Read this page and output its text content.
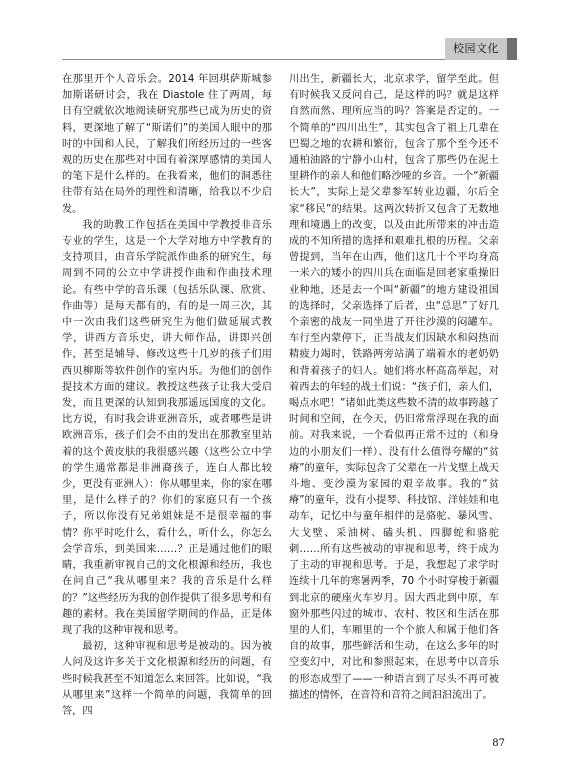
校园文化

在那里开个人音乐会。2014 年回琪萨斯城参加斯诺研讨会，我在 Diastole 住了两周，每日有空就依次地阅读研究那些已成为历史的资料，更深地了解了“斯诺们”的美国人眼中的那时的中国和人民，了解我们所经历过的一些客观的历史在那些对中国有着深厚感情的美国人的笔下是什么样的。在我看来，他们的洞悉往往带有站在局外的理性和清晰，给我以不少启发。

我的助教工作包括在美国中学教授非音乐专业的学生，这是一个大学对地方中学教育的支持项目，由音乐学院派作曲系的研究生，每周到不同的公立中学讲授作曲和作曲技术理论。有些中学的音乐课（包括乐队课、欣赏、作曲等）是每天都有的，有的是一周三次，其中一次由我们这些研究生为他们做延展式教学，讲西方音乐史，讲大师作品，讲即兴创作，甚至是辅导、修改这些十几岁的孩子们用西贝柳斯等软件创作的室内乐。为他们的创作提技术方面的建议。教授这些孩子让我大受启发，而且更深的认知到我那遥远国度的文化。比方说，有时我会讲亚洲音乐，或者哪些是讲欧洲音乐，孩子们会不由的发出在那教室里站着的这个黄皮肤的我很感兴趣（这些公立中学的学生通常都是非洲裔孩子，连白人都比较少，更没有亚洲人）：你从哪里来，你的家在哪里，是什么样子的？你们的家庭只有一个孩子，所以你没有兄弟姐妹是不是很幸福的事情？你平时吃什么，看什么，听什么，你怎么会学音乐，到美国来……？正是通过他们的眼睛，我重新审视自己的文化根源和经历，我也在问自己“我从哪里来？我的音乐是什么样的？”这些经历为我的创作提供了很多思考和有趣的素材。我在美国留学期间的作品，正是体现了我的这种审视和思考。

最初，这种审视和思考是被动的。因为被人问及这许多关于文化根源和经历的问题，有些时候我甚至不知道怎么来回答。比如说，“我从哪里来”这样一个简单的问题，我简单的回答，四

川出生，新疆长大，北京求学，留学至此。但有时候我又反问自己，是这样的吗？就是这样自然而然、理所应当的吗？答案是否定的。一个简单的“四川出生”，其实包含了祖上几辈在巴蜀之地的农耕和繁衍，包含了那个至今还不通柏油路的宁静小山村，包含了那些仍在泥土里耕作的亲人和他们略沙哑的乡音。一个“新疆长大”，实际上是父辈参军转业边疆，尔后全家“移民”的结果。这两次转折又包含了无数地理和境遇上的改变，以及由此所带来的冲击造成的不知所措的选择和艰难扎根的历程。父亲曾提到，当年在山西，他们这几十个平均身高一米六的矮小的四川兵在面临是回老家重操旧业种地，还是去一个叫“新疆”的地方建设祖国的选择时，父亲选择了后者，虫“总思”了好几个亲密的战友一同坐进了开往沙漠的闷罐车。车行至内蒙停下，正当战友们因缺水和闷热而精疲力竭时，铁路两旁站满了端着水的老奶奶和背着孩子的妇人。她们将水杯高高举起，对着西去的年轻的战士们说：“孩子们，亲人们，喝点水吧！”诸如此类这些数不清的故事跨越了时间和空间，在今天，仍旧常常浮现在我的面前。对我来说，一个看似再正常不过的（和身边的小朋友们一样）、没有什么值得夸耀的“贫瘠”的童年，实际包含了父辈在一片戈壁上战天斗地、变沙漠为家园的艰辛故事。我的“贫瘠”的童年，没有小提琴、科技馆、洋娃娃和电动车，记忆中与童年相伴的是骆驼、暴风雪、大戈壁、采油树、磕头机、四脚蛇和骆驼刺……所有这些被动的审视和思考，终于成为了主动的审视和思考。于是，我想起了求学时连续十几年的寒暑两季，70 个小时穿梭于新疆到北京的硬座火车岁月。因大西北到中原，车窗外那些闪过的城市、农村、牧区和生活在那里的人们，车厢里的一个个旅人和属于他们各自的故事，那些鲜活和生动，在这么多年的时空变幻中，对比和参照起来，在思考中以音乐的形态成型了——一种语言到了尽头不再可被描述的情怀，在音符和音符之间汩汩流出了。

87
